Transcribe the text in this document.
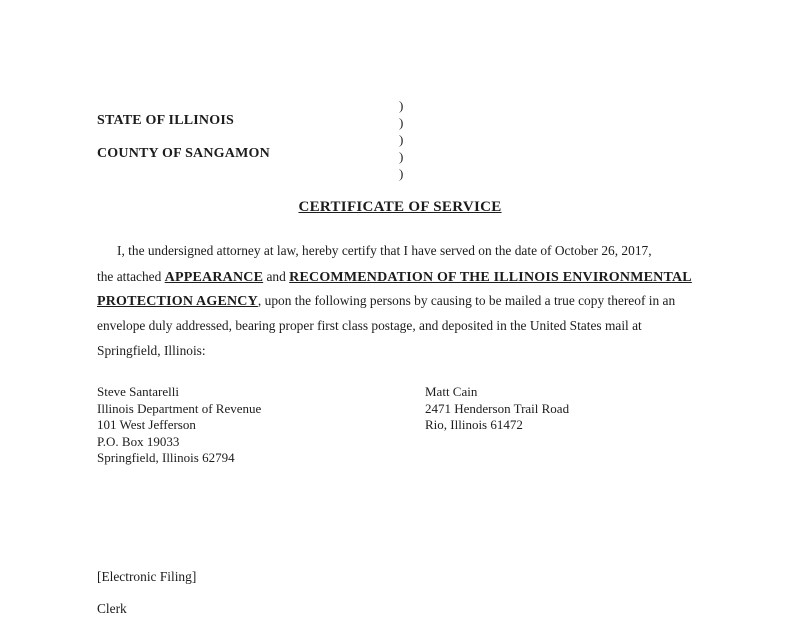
STATE OF ILLINOIS
COUNTY OF SANGAMON
)
)
)
)
)
CERTIFICATE OF SERVICE
I, the undersigned attorney at law, hereby certify that I have served on the date of October 26, 2017,
the attached APPEARANCE and RECOMMENDATION OF THE ILLINOIS ENVIRONMENTAL
PROTECTION AGENCY, upon the following persons by causing to be mailed a true copy thereof in an
envelope duly addressed, bearing proper first class postage, and deposited in the United States mail at
Springfield, Illinois:
Steve Santarelli
Illinois Department of Revenue
101 West Jefferson
P.O. Box 19033
Springfield, Illinois 62794
Matt Cain
2471 Henderson Trail Road
Rio, Illinois 61472
[Electronic Filing]
Clerk
